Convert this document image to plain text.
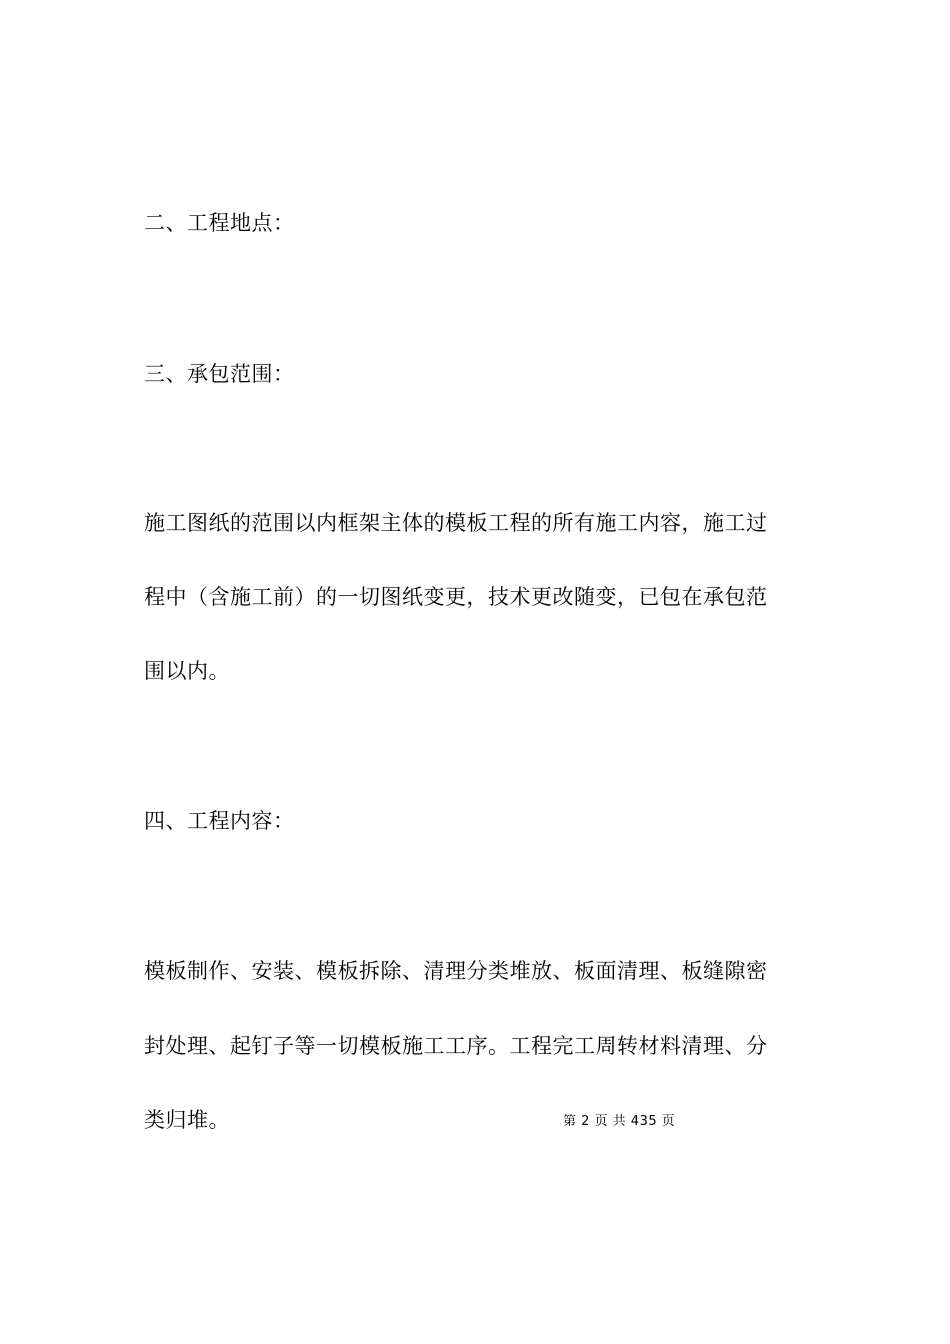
二、工程地点：
三、承包范围：
施工图纸的范围以内框架主体的模板工程的所有施工内容，施工过
程中（含施工前）的一切图纸变更，技术更改随变，已包在承包范
围以内。
四、工程内容：
模板制作、安装、模板拆除、清理分类堆放、板面清理、板缝隙密
封处理、起钉子等一切模板施工工序。工程完工周转材料清理、分
类归堆。	第 2 页 共 435 页
